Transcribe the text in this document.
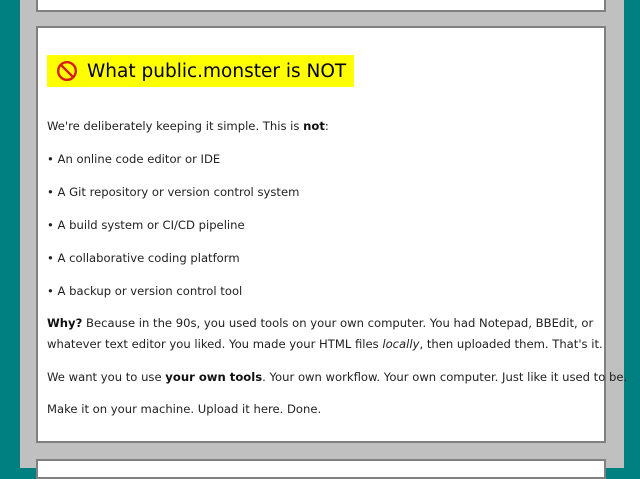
What public.monster is NOT
We're deliberately keeping it simple. This is not:
• An online code editor or IDE
• A Git repository or version control system
• A build system or CI/CD pipeline
• A collaborative coding platform
• A backup or version control tool
Why? Because in the 90s, you used tools on your own computer. You had Notepad, BBEdit, or
whatever text editor you liked. You made your HTML files locally, then uploaded them. That's it.
We want you to use your own tools. Your own workflow. Your own computer. Just like it used to be.
Make it on your machine. Upload it here. Done.
